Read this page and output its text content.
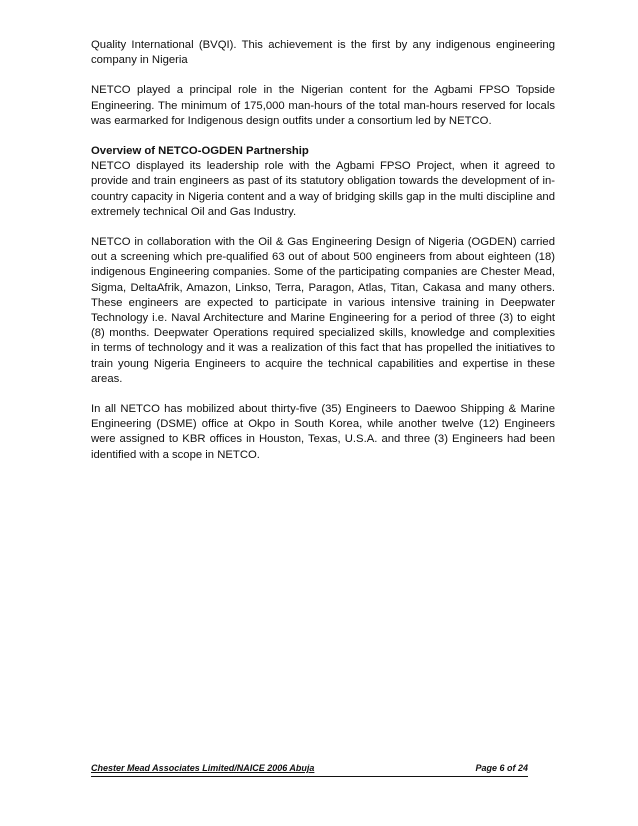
Quality International (BVQI). This achievement is the first by any indigenous engineering company in Nigeria

NETCO played a principal role in the Nigerian content for the Agbami FPSO Topside Engineering. The minimum of 175,000 man-hours of the total man-hours reserved for locals was earmarked for Indigenous design outfits under a consortium led by NETCO.

Overview of NETCO-OGDEN Partnership

NETCO displayed its leadership role with the Agbami FPSO Project, when it agreed to provide and train engineers as past of its statutory obligation towards the development of in-country capacity in Nigeria content and a way of bridging skills gap in the multi discipline and extremely technical Oil and Gas Industry.

NETCO in collaboration with the Oil & Gas Engineering Design of Nigeria (OGDEN) carried out a screening which pre-qualified 63 out of about 500 engineers from about eighteen (18) indigenous Engineering companies. Some of the participating companies are Chester Mead, Sigma, DeltaAfrik, Amazon, Linkso, Terra, Paragon, Atlas, Titan, Cakasa and many others. These engineers are expected to participate in various intensive training in Deepwater Technology i.e. Naval Architecture and Marine Engineering for a period of three (3) to eight (8) months. Deepwater Operations required specialized skills, knowledge and complexities in terms of technology and it was a realization of this fact that has propelled the initiatives to train young Nigeria Engineers to acquire the technical capabilities and expertise in these areas.

In all NETCO has mobilized about thirty-five (35) Engineers to Daewoo Shipping & Marine Engineering (DSME) office at Okpo in South Korea, while another twelve (12) Engineers were assigned to KBR offices in Houston, Texas, U.S.A. and three (3) Engineers had been identified with a scope in NETCO.

Chester Mead Associates Limited/NAICE 2006 Abuja	Page 6 of 24
